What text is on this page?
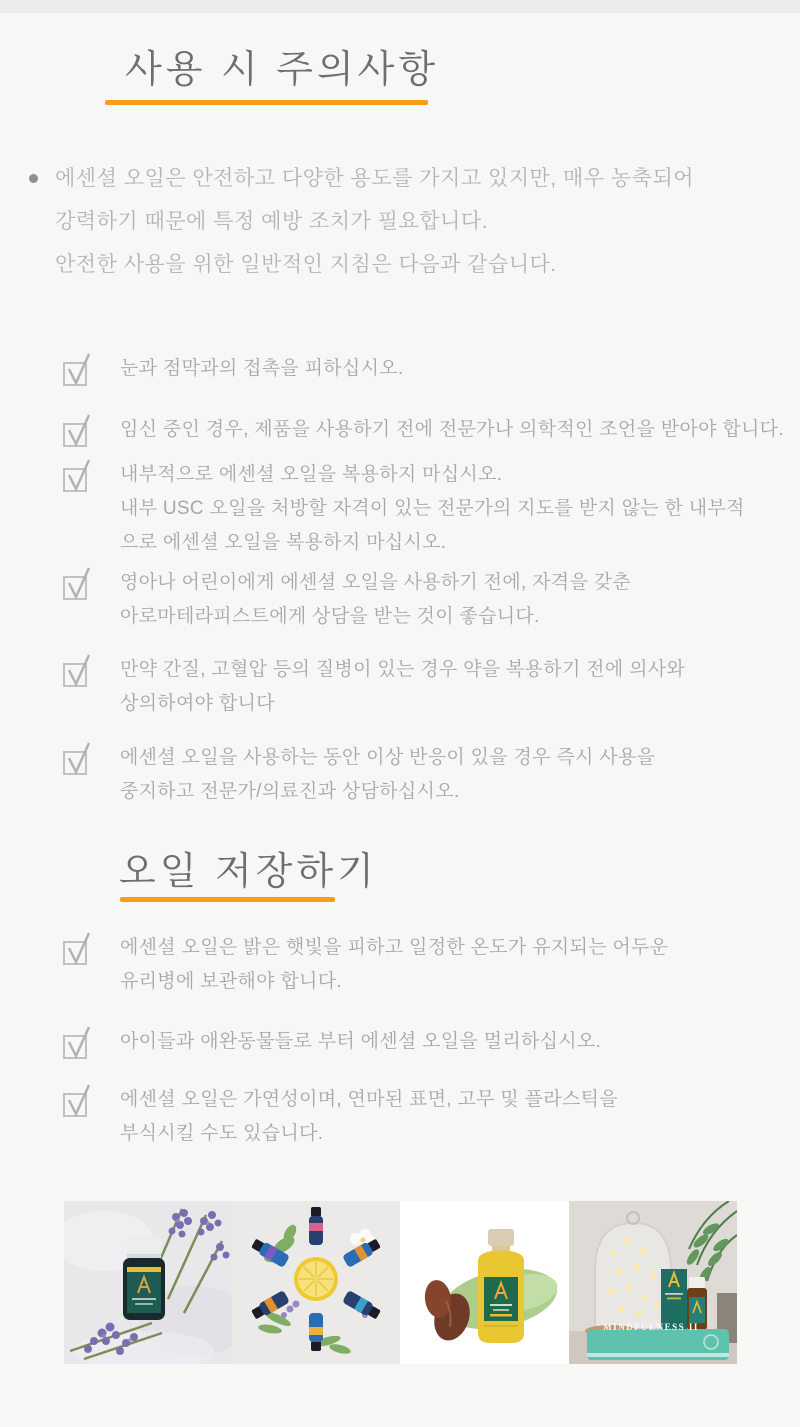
사용 시 주의사항
에센셜 오일은 안전하고 다양한 용도를 가지고 있지만, 매우 농축되어
강력하기 때문에 특정 예방 조치가 필요합니다.
안전한 사용을 위한 일반적인 지침은 다음과 같습니다.
눈과 점막과의 접촉을 피하십시오.
임신 중인 경우, 제품을 사용하기 전에 전문가나 의학적인 조언을 받아야 합니다.
내부적으로 에센셜 오일을 복용하지 마십시오.
내부 USC 오일을 처방할 자격이 있는 전문가의 지도를 받지 않는 한 내부적
으로 에센셜 오일을 복용하지 마십시오.
영아나 어린이에게 에센셜 오일을 사용하기 전에, 자격을 갖춘
아로마테라피스트에게 상담을 받는 것이 좋습니다.
만약 간질, 고혈압 등의 질병이 있는 경우 약을 복용하기 전에 의사와
상의하여야 합니다
에센셜 오일을 사용하는 동안 이상 반응이 있을 경우 즉시 사용을
중지하고 전문가/의료진과 상담하십시오.
오일 저장하기
에센셜 오일은 밝은 햇빛을 피하고 일정한 온도가 유지되는 어두운
유리병에 보관해야 합니다.
아이들과 애완동물들로 부터 에센셜 오일을 멀리하십시오.
에센셜 오일은 가연성이며, 연마된 표면, 고무 및 플라스틱을
부식시킬 수도 있습니다.
MINDFULNESS II
